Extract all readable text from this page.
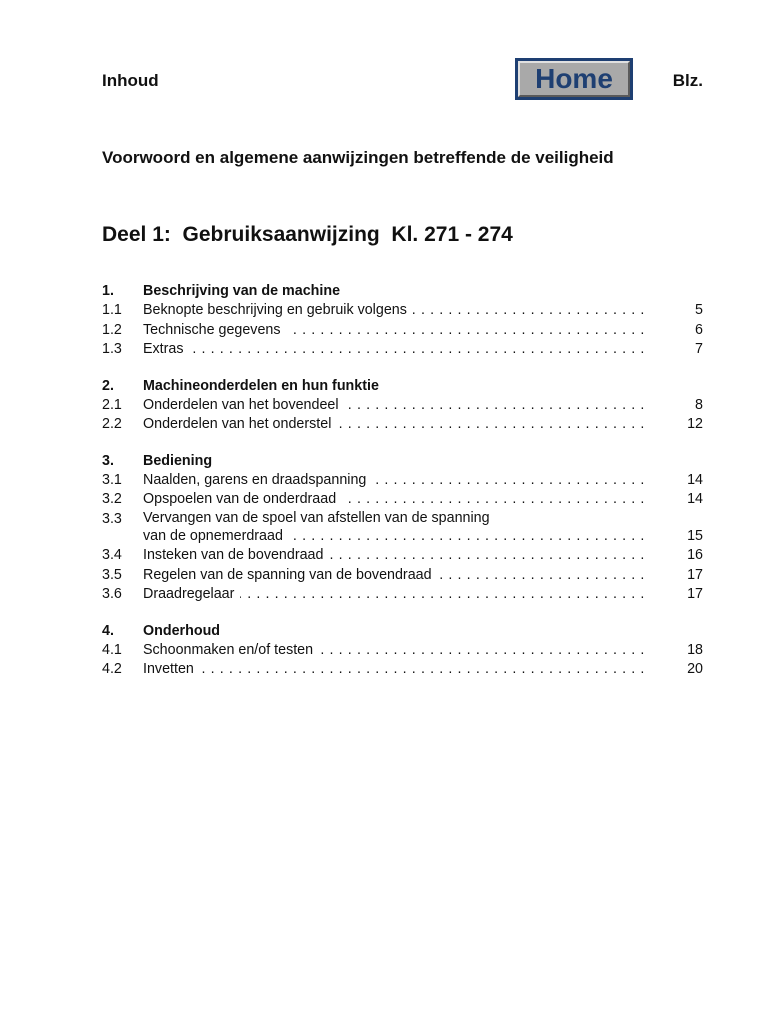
Inhoud	Home	Blz.
Voorwoord en algemene aanwijzingen betreffende de veiligheid
Deel 1:  Gebruiksaanwijzing  Kl. 271 - 274
1.	Beschrijving van de machine
1.1	Beknopte beschrijving en gebruik volgens . . .	5
1.2	Technische gegevens . . .	6
1.3	Extras . . .	7
2.	Machineonderdelen en hun funktie
2.1	Onderdelen van het bovendeel . . .	8
2.2	Onderdelen van het onderstel . . .	12
3.	Bediening
3.1	Naalden, garens en draadspanning . . .	14
3.2	Opspoelen van de onderdraad . . .	14
3.3	Vervangen van de spoel van afstellen van de spanning
van de opnemerdraad . . .	15
3.4	Insteken van de bovendraad . . .	16
3.5	Regelen van de spanning van de bovendraad . . .	17
3.6	Draadregelaar . . .	17
4.	Onderhoud
4.1	Schoonmaken en/of testen . . .	18
4.2	Invetten . . .	20
